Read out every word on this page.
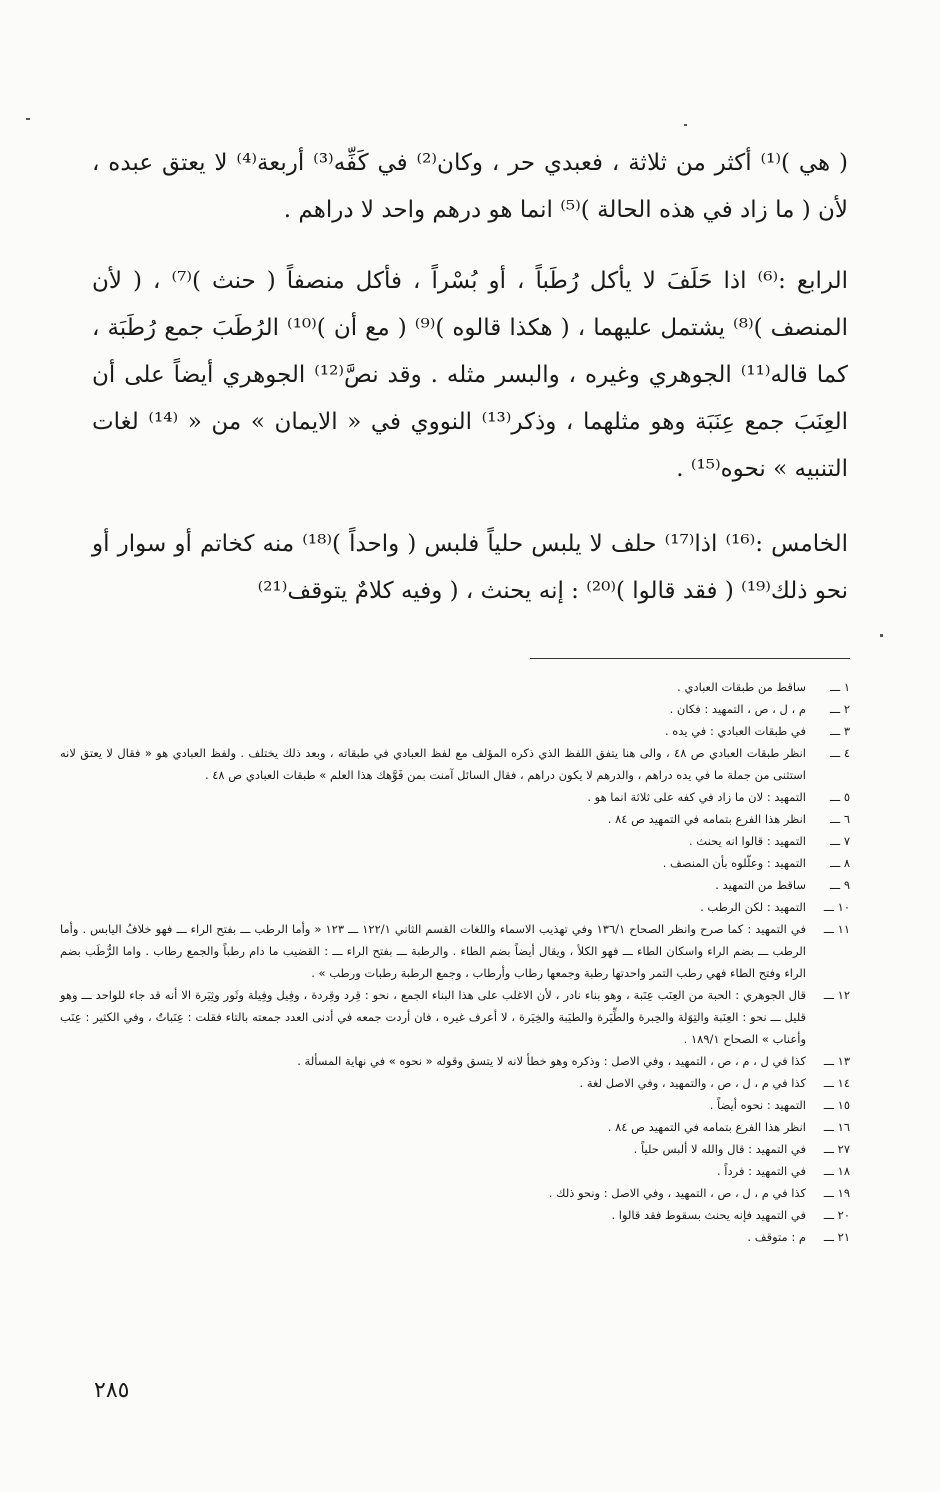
( هي )⁽¹⁾ أكثر من ثلاثة ، فعبدي حر ، وكان⁽²⁾ في كَفِّه⁽³⁾ أربعة⁽⁴⁾ لا يعتق عبده ، لأن ( ما زاد في هذه الحالة )⁽⁵⁾ انما هو درهم واحد لا دراهم .

الرابع :⁽⁶⁾ اذا حَلَفَ لا يأكل رُطَباً ، أو بُسْراً ، فأكل منصفاً ( حنث )⁽⁷⁾ ، ( لأن المنصف )⁽⁸⁾ يشتمل عليهما ، ( هكذا قالوه )⁽⁹⁾ ( مع أن )⁽¹⁰⁾ الرُطَبَ جمع رُطَبَة ، كما قاله⁽¹¹⁾ الجوهري وغيره ، والبسر مثله . وقد نصَّ⁽¹²⁾ الجوهري أيضاً على أن العِنَبَ جمع عِنَبَة وهو مثلهما ، وذكر⁽¹³⁾ النووي في « الايمان » من « ⁽¹⁴⁾ لغات التنبيه » نحوه⁽¹⁵⁾ .

الخامس :⁽¹⁶⁾ اذا⁽¹⁷⁾ حلف لا يلبس حلياً فلبس ( واحداً )⁽¹⁸⁾ منه كخاتم أو سوار أو نحو ذلك⁽¹⁹⁾ ( فقد قالوا )⁽²⁰⁾ : إنه يحنث ، ( وفيه كلامٌ يتوقف⁽²¹⁾

١ ـــ
ساقط من طبقات العبادي .
٢ ـــ
م ، ل ، ص ، التمهيد : فكان .
٣ ـــ
في طبقات العبادي : في يده .
٤ ـــ
انظر طبقات العبادي ص ٤٨ ، والى هنا يتفق اللفظ الذي ذكره المؤلف مع لفظ العبادي في طبقاته ، وبعد ذلك يختلف . ولفظ العبادي هو « فقال لا يعتق لانه استثنى من جملة ما في يده دراهم ، والدرهم لا يكون دراهم ، فقال السائل آمنت بمن فَوَّهك هذا العلم » طبقات العبادي ص ٤٨ .
٥ ـــ
التمهيد : لان ما زاد في كفه على ثلاثة انما هو .
٦ ـــ
انظر هذا الفرع بتمامه في التمهيد ص ٨٤ .
٧ ـــ
التمهيد : قالوا انه يحنث .
٨ ـــ
التمهيد : وعلّلوه بأن المنصف .
٩ ـــ
ساقط من التمهيد .
١٠ ـــ
التمهيد : لكن الرطب .
١١ ـــ
في التمهيد : كما صرح وانظر الصحاح ١٣٦/١ وفي تهذيب الاسماء واللغات القسم الثاني ١٢٢/١ ـــ ١٢٣ « وأما الرطب ـــ بفتح الراء ـــ فهو خلافُ اليابس . وأما الرطب ـــ بضم الراء واسكان الطاء ـــ فهو الكلأ ، ويقال أيضاً بضم الطاء . والرطبة ـــ بفتح الراء ـــ : القضيب ما دام رطباً والجمع رطاب . واما الرُّطَب بضم الراء وفتح الطاء فهي رطب التمر واحدتها رطبة وجمعها رطاب وأرطاب ، وجمع الرطبة رطبات ورطب » .
١٢ ـــ
قال الجوهري : الحبة من العِنَب عِنَبة ، وهو بناء نادر ، لأن الاغلب على هذا البناء الجمع ، نحو : قِرد وقِردة ، وفِيل وفِيلة وثَور وثِيَرة الا أنه قد جاء للواحد ـــ وهو قليل ـــ نحو : العِنَبة والتِوَلة والحِبرة والطِّيَرة والطيَبة والخِيَرة ، لا أعرف غيره ، فان أردت جمعه في أدنى العدد جمعته بالتاء فقلت : عِنَباتٌ ، وفي الكثير : عِنَب وأعناب » الصحاح ١٨٩/١ .
١٣ ـــ
كذا في ل ، م ، ص ، التمهيد ، وفي الاصل : وذكره وهو خطأ لانه لا يتسق وقوله « نحوه » في نهاية المسألة .
١٤ ـــ
كذا في م ، ل ، ص ، والتمهيد ، وفي الاصل لغة .
١٥ ـــ
التمهيد : نحوه أيضاً .
١٦ ـــ
انظر هذا الفرع بتمامه في التمهيد ص ٨٤ .
٢٧ ـــ
في التمهيد : قال والله لا ألبس حلياً .
١٨ ـــ
في التمهيد : فرداً .
١٩ ـــ
كذا في م ، ل ، ص ، التمهيد ، وفي الاصل : ونحو ذلك .
٢٠ ـــ
في التمهيد فإنه يحنث بسقوط فقد قالوا .
٢١ ـــ
م : متوقف .
٢٨٥
